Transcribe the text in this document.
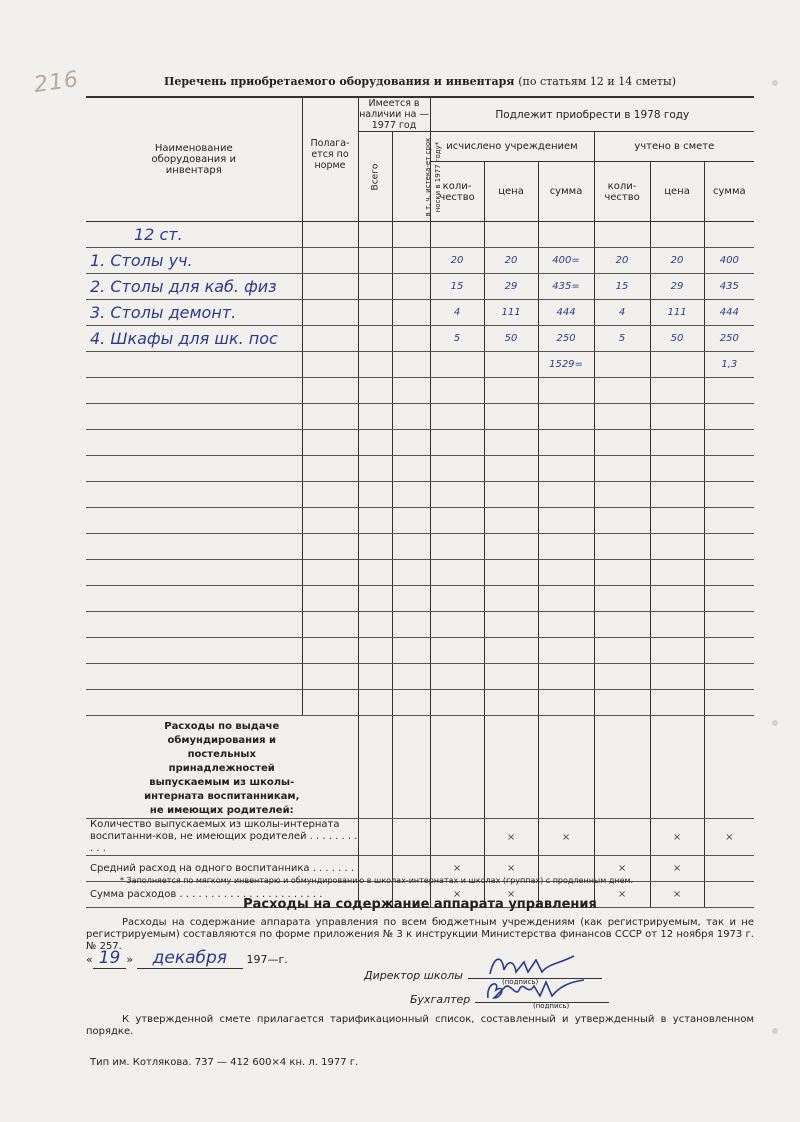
216	Перечень приобретаемого оборудования и инвентаря (по статьям 12 и 14 сметы)
Наименование оборудования и инвентаря	Полага-ется по норме	Имеется в наличии на — 1977 год		Подлежит приобрести в 1978 году					
		Всего	в т. ч. истека-ет срок носки в 1977 году*	исчислено учреждением			учтено в смете		
				коли-чество	цена	сумма	коли-чество	цена	сумма
12 ст.									
1. Столы уч.				20	20	400=	20	20	400
2. Столы для каб. физ				15	29	435=	15	29	435
3. Столы демонт.				4	111	444	4	111	444
4. Шкафы для шк. пос				5	50	250	5	50	250
						1529=			1,3

Расходы по выдаче обмундирования и постельных принадлежностей выпускаемым из школы-интерната воспитанникам, не имеющих родителей:									
Количество выпускаемых из школы-интерната воспитанни-ков, не имеющих родителей . . . . . . . . . . .					×	×		×	×
Средний расход на одного воспитанника . . . . . . .				×	×		×	×	
Сумма расходов . . . . . . . . . . . . . . . . . . . . . . .				×	×		×	×	
* Заполняется по мягкому инвентарю и обмундированию в школах-интернатах и школах (группах) с продленным днем.
Расходы на содержание аппарата управления
Расходы на содержание аппарата управления по всем бюджетным учреждениям (как регистрируемым, так и не регистрируемым) составляются по форме приложения № 3 к инструкции Министерства финансов СССР от 12 ноября 1973 г. № 257.
« 19 » декабря 197—г.
Директор школы	(подпись)
Бухгалтер	(подпись)
К утвержденной смете прилагается тарификационный список, составленный и утвержденный в установленном порядке.
Тип им. Котлякова. 737 — 412 600×4 кн. л. 1977 г.
